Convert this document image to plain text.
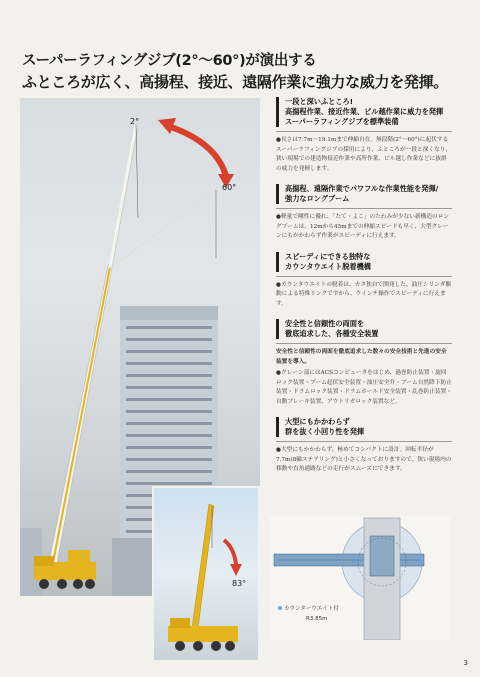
スーパーラフィングジブ(2°〜60°)が演出する
ふところが広く、高揚程、接近、遠隔作業に強力な威力を発揮。
2°
60°
83°
一段と深いふところ!
高揚程作業、接近作業、ビル越作業に威力を発揮
スーパーラフィングジブを標準装備
●長さは7.7m〜19.1mまで伸縮自在。無段階(2°〜60°)に起伏するスーパーラフィングジブの採用により、ふところが一段と深くなり、狭い現場での建造物接近作業や高所作業、ビル越し作業などに抜群の威力を発揮します。
高揚程、遠隔作業でパワフルな作業性能を発揮/
強力なロングブーム
●軽量で剛性に優れ、「たて・よこ」のたわみが少ない新構造のロングブームは、12mから45mまでの伸縮スピードも早く、大型クレーンにもかかわらず作業がスピーディに行えます。
スピーディにできる独特な
カウンタウエイト脱着機構
●カウンタウエイトの脱着は、カタ独自で開発した、油圧シリンダ駆動による特殊リンクですから、ウインチ操作でスピーディに行えます。
安全性と信頼性の両面を
徹底追求した、各種安全装置
安全性と信頼性の両面を徹底追求した数々の安全技術と先進の安全装置を導入。
●クレーン部にはACSコンピュータをはじめ、過巻防止装置・旋回ロック装置・ブーム起伏安全装置・油圧安全弁・ブーム自然降下防止装置・ドラムロック装置・ドラムホールド安全装置・乱巻防止装置・自動ブレーキ装置、アウトリガロック装置など。
大型にもかかわらず
群を抜く小回り性を発揮
●大型にもかかわらず、極めてコンパクトに設計。回転半径が7.7m(8輪ステアリング)と小さくなっておりますので、狭い現場内の移動や直角通路などの走行がスムーズにできます。
カウンターウエイト付
R3.85m
3
